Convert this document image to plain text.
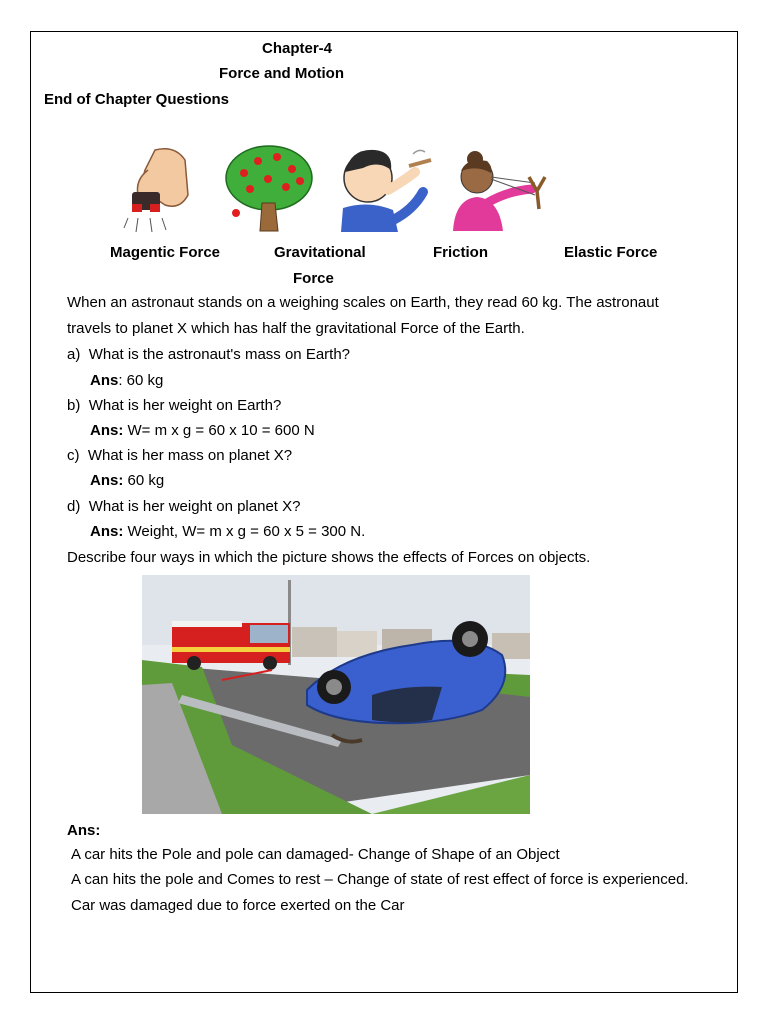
Chapter-4
Force and Motion
End of Chapter Questions
Magentic Force	Gravitational
Force
Friction	Elastic Force
When an astronaut stands on a weighing scales on Earth, they read 60 kg. The astronaut
travels to planet X which has half the gravitational Force of the Earth.
a) What is the astronaut's mass on Earth?
Ans: 60 kg
b) What is her weight on Earth?
Ans: W= m x g = 60 x 10 = 600 N
c) What is her mass on planet X?
Ans: 60 kg
d) What is her weight on planet X?
Ans: Weight, W= m x g = 60 x 5 = 300 N.
Describe four ways in which the picture shows the effects of Forces on objects.
Ans:
A car hits the Pole and pole can damaged- Change of Shape of an Object
A can hits the pole and Comes to rest – Change of state of rest effect of force is experienced.
Car was damaged due to force exerted on the Car
